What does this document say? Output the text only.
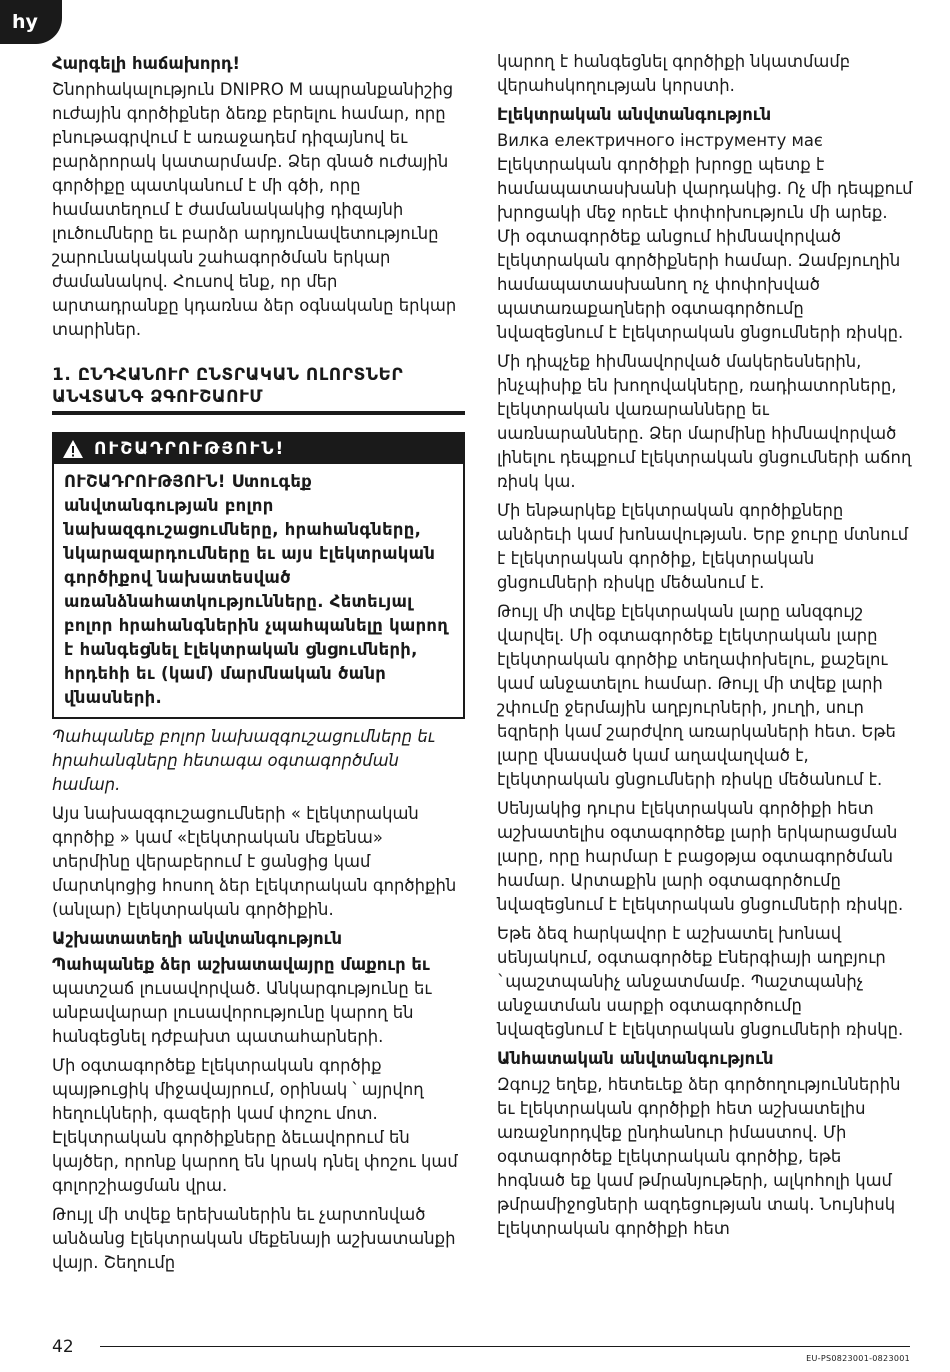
hy

Հարգելի հաճախորդ!

Շնորհակալություն DNIPRO M ապրանքանիշից ուժային գործիքներ ձեռք բերելու համար, որը բնութագրվում է առաջադեմ դիզայնով եւ բարձրորակ կատարմամբ. Ձեր գնած ուժային գործիքը պատկանում է մի գծի, որը համատեղում է ժամանակակից դիզայնի լուծումները եւ բարձր արդյունավետությունը շարունակական շահագործման երկար ժամանակով. Հուսով ենք, որ մեր արտադրանքը կդառնա ձեր օգնականը երկար տարիներ.

1. ԸՆԴՀԱՆՈՒՐ ԸՆՏՐԱԿԱՆ ՈԼՈՐՏՆԵՐ ԱՆՎՏԱՆԳ ՁԳՈՒՇԱՈՒՄ
ՈՒՇԱԴՐՈՒԹՅՈՒՆ!
ՈՒՇԱԴՐՈՒԹՅՈՒՆ! Ստուգեք անվտանգության բոլոր նախազգուշացումները, հրահանգները, նկարազարդումները եւ այս էլեկտրական գործիքով նախատեսված առանձնահատկությունները. Հետեւյալ բոլոր հրահանգներին չպահպանելը կարող է հանգեցնել էլեկտրական ցնցումների, հրդեհի եւ (կամ) մարմնական ծանր վնասների.

Պահպանեք բոլոր նախազգուշացումները եւ հրահանգները հետագա օգտագործման համար.

Այս նախազգուշացումների « էլեկտրական գործիք » կամ «էլեկտրական մեքենա» տերմինը վերաբերում է ցանցից կամ մարտկոցից հոսող ձեր էլեկտրական գործիքին (անլար) էլեկտրական գործիքին.

Աշխատատեղի անվտանգություն

Պահպանեք ձեր աշխատավայրը մաքուր եւ պատշաճ լուսավորված. Անկարգությունը եւ անբավարար լուսավորությունը կարող են հանգեցնել դժբախտ պատահարների.

Մի օգտագործեք էլեկտրական գործիք պայթուցիկ միջավայրում, օրինակ ՝ այրվող հեղուկների, գազերի կամ փոշու մոտ. Էլեկտրական գործիքները ձեւավորում են կայծեր, որոնք կարող են կրակ դնել փոշու կամ գոլորշիացման վրա.

Թույլ մի տվեք երեխաներին եւ չարտոնված անձանց էլեկտրական մեքենայի աշխատանքի վայր. Շեղումը

կարող է հանգեցնել գործիքի նկատմամբ վերահսկողության կորստի.

Էլեկտրական անվտանգություն

Вилка електричного інструменту має Էլեկտրական գործիքի խրոցը պետք է համապատասխանի վարդակից. Ոչ մի դեպքում խրոցակի մեջ որեւէ փոփոխություն մի արեք. Մի օգտագործեք անցում հիմնավորված էլեկտրական գործիքների համար. Զամբյուղին համապատասխանող ոչ փոփոխված պատառաքաղների օգտագործումը նվազեցնում է էլեկտրական ցնցումների ռիսկը.

Մի դիպչեք հիմնավորված մակերեսներին, ինչպիսիք են խողովակները, ռադիատորները, էլեկտրական վառարանները եւ սառնարանները. Ձեր մարմինը հիմնավորված լինելու դեպքում էլեկտրական ցնցումների աճող ռիսկ կա.

Մի ենթարկեք էլեկտրական գործիքները անձրեւի կամ խոնավության. Երբ ջուրը մտնում է էլեկտրական գործիք, էլեկտրական ցնցումների ռիսկը մեծանում է.

Թույլ մի տվեք էլեկտրական լարը անզգույշ վարվել. Մի օգտագործեք էլեկտրական լարը էլեկտրական գործիք տեղափոխելու, քաշելու կամ անջատելու համար. Թույլ մի տվեք լարի շփումը ջերմային աղբյուրների, յուղի, սուր եզրերի կամ շարժվող առարկաների հետ. Եթե լարը վնասված կամ աղավաղված է, էլեկտրական ցնցումների ռիսկը մեծանում է.

Սենյակից դուրս էլեկտրական գործիքի հետ աշխատելիս օգտագործեք լարի երկարացման լարը, որը հարմար է բացօթյա օգտագործման համար. Արտաքին լարի օգտագործումը նվազեցնում է էլեկտրական ցնցումների ռիսկը.

Եթե ձեզ հարկավոր է աշխատել խոնավ սենյակում, օգտագործեք Էներգիայի աղբյուր `պաշտպանիչ անջատմամբ. Պաշտպանիչ անջատման սարքի օգտագործումը նվազեցնում է էլեկտրական ցնցումների ռիսկը.

Անհատական անվտանգություն

Զգույշ եղեք, հետեւեք ձեր գործողություններին եւ էլեկտրական գործիքի հետ աշխատելիս առաջնորդվեք ընդհանուր իմաստով. Մի օգտագործեք էլեկտրական գործիք, եթե հոգնած եք կամ թմրանյութերի, ալկոհոլի կամ թմրամիջոցների ազդեցության տակ. Նույնիսկ էլեկտրական գործիքի հետ

42
EU-PS0823001-0823001
